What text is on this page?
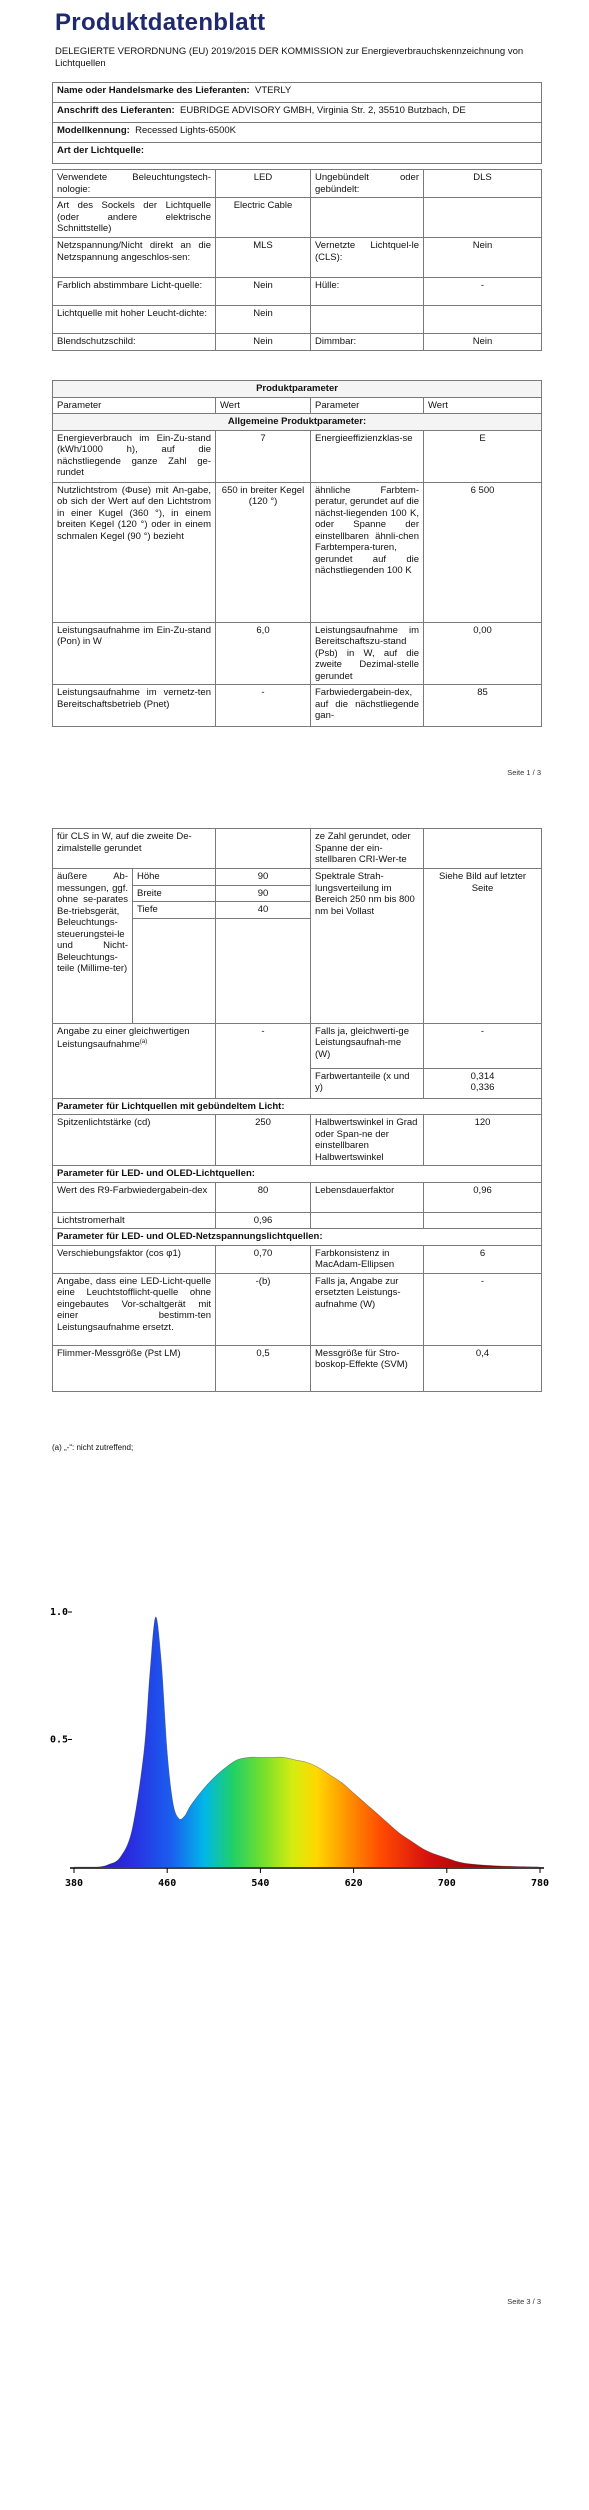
Produktdatenblatt
DELEGIERTE VERORDNUNG (EU) 2019/2015 DER KOMMISSION zur Energieverbrauchskennzeichnung von Lichtquellen
Name oder Handelsmarke des Lieferanten: VTERLY
Anschrift des Lieferanten: EUBRIDGE ADVISORY GMBH, Virginia Str. 2, 35510 Butzbach, DE
Modellkennung: Recessed Lights-6500K
Art der Lichtquelle:
Verwendete Beleuchtungstech-nologie:	LED	Ungebündelt oder gebündelt:	DLS
Art des Sockels der Lichtquelle (oder andere elektrische Schnittstelle)	Electric Cable		
Netzspannung/Nicht direkt an die Netzspannung angeschlos-sen:	MLS	Vernetzte Lichtquel-le (CLS):	Nein
Farblich abstimmbare Licht-quelle:	Nein	Hülle:	-
Lichtquelle mit hoher Leucht-dichte:	Nein		
Blendschutzschild:	Nein	Dimmbar:	Nein
Produktparameter			
Parameter	Wert	Parameter	Wert
Allgemeine Produktparameter:			
Energieverbrauch im Ein-Zu-stand (kWh/1000 h), auf die nächstliegende ganze Zahl ge-rundet	7	Energieeffizienzklas-se	E
Nutzlichtstrom (Φuse) mit An-gabe, ob sich der Wert auf den Lichtstrom in einer Kugel (360 °), in einem breiten Kegel (120 °) oder in einem schmalen Kegel (90 °) bezieht	650 in breiter Kegel (120 °)	ähnliche Farbtem-peratur, gerundet auf die nächst-liegenden 100 K, oder Spanne der einstellbaren ähnli-chen Farbtempera-turen, gerundet auf die nächstliegenden 100 K	6 500
Leistungsaufnahme im Ein-Zu-stand (Pon) in W	6,0	Leistungsaufnahme im Bereitschaftszu-stand (Psb) in W, auf die zweite Dezimal-stelle gerundet	0,00
Leistungsaufnahme im vernetz-ten Bereitschaftsbetrieb (Pnet)	-	Farbwiedergabein-dex, auf die nächstliegende gan-	85
Seite 1 / 3
für CLS in W, auf die zweite De-zimalstelle gerundet			ze Zahl gerundet, oder Spanne der ein-stellbaren CRI-Wer-te	
äußere Ab-messungen, ggf. ohne se-parates Be-triebsgerät, Beleuchtungs-steuerungstei-le und Nicht-Beleuchtungs-teile (Millime-ter)	Höhe	90	Spektrale Strah-lungsverteilung im Bereich 250 nm bis 800 nm bei Vollast	Siehe Bild auf letzter Seite
	Breite	90		
	Tiefe	40		

Angabe zu einer gleichwertigen Leistungsaufnahme$^{(a)}$		-	Falls ja, gleichwerti-ge Leistungsaufnah-me (W)	-
			Farbwertanteile (x und y)	0,314
0,336
Parameter für Lichtquellen mit gebündeltem Licht:				
Spitzenlichtstärke (cd)		250	Halbwertswinkel in Grad oder Span-ne der einstellbaren Halbwertswinkel	120
Parameter für LED- und OLED-Lichtquellen:				
Wert des R9-Farbwiedergabein-dex		80	Lebensdauerfaktor	0,96
Lichtstromerhalt		0,96		
Parameter für LED- und OLED-Netzspannungslichtquellen:				
Verschiebungsfaktor (cos φ1)		0,70	Farbkonsistenz in MacAdam-Ellipsen	6
Angabe, dass eine LED-Licht-quelle eine Leuchtstofflicht-quelle ohne eingebautes Vor-schaltgerät mit einer bestimm-ten Leistungsaufnahme ersetzt.		-(b)	Falls ja, Angabe zur ersetzten Leistungs-aufnahme (W)	-
Flimmer-Messgröße (Pst LM)		0,5	Messgröße für Stro-boskop-Effekte (SVM)	0,4
(a) „-“: nicht zutreffend;
1.0
0.5
380	460	540	620	700	780
Seite 3 / 3
